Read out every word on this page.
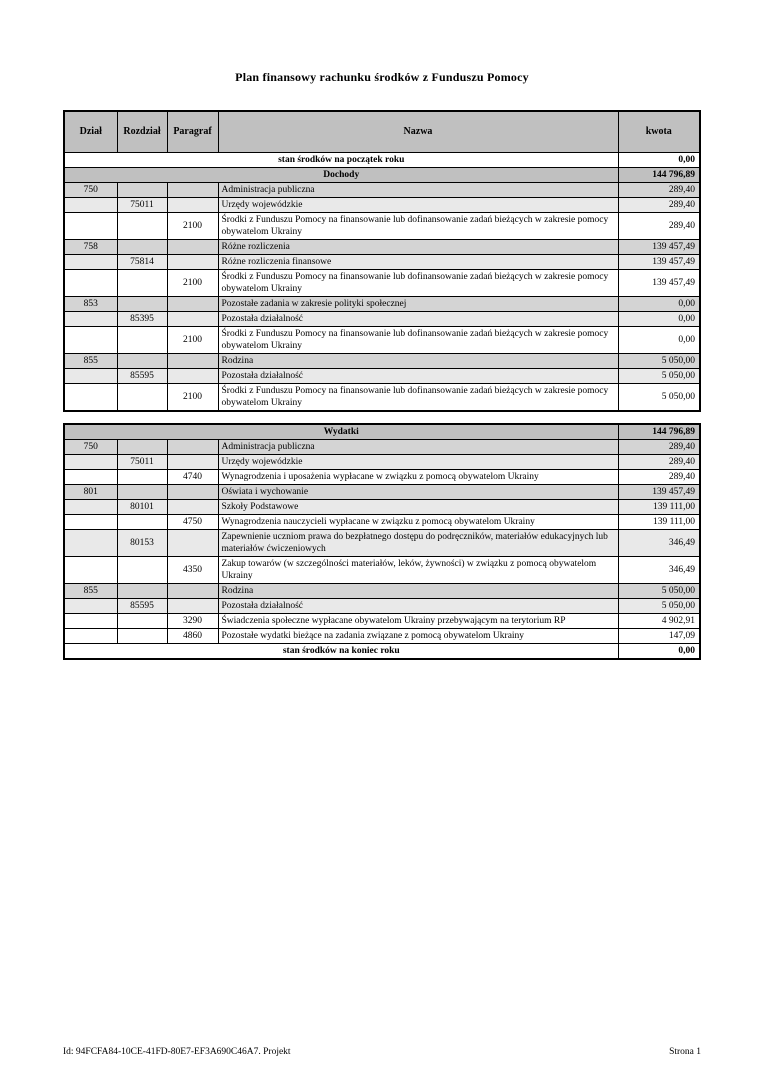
Plan finansowy rachunku środków z Funduszu Pomocy
Dział	Rozdział	Paragraf	Nazwa	kwota
stan środków na początek roku				0,00
Dochody				144 796,89
750			Administracja publiczna	289,40
	75011		Urzędy wojewódzkie	289,40
		2100	Środki z Funduszu Pomocy na finansowanie lub dofinansowanie zadań bieżących w zakresie pomocy obywatelom Ukrainy	289,40
758			Różne rozliczenia	139 457,49
	75814		Różne rozliczenia finansowe	139 457,49
		2100	Środki z Funduszu Pomocy na finansowanie lub dofinansowanie zadań bieżących w zakresie pomocy obywatelom Ukrainy	139 457,49
853			Pozostałe zadania w zakresie polityki społecznej	0,00
	85395		Pozostała działalność	0,00
		2100	Środki z Funduszu Pomocy na finansowanie lub dofinansowanie zadań bieżących w zakresie pomocy obywatelom Ukrainy	0,00
855			Rodzina	5 050,00
	85595		Pozostała działalność	5 050,00
		2100	Środki z Funduszu Pomocy na finansowanie lub dofinansowanie zadań bieżących w zakresie pomocy obywatelom Ukrainy	5 050,00
Wydatki				144 796,89
750			Administracja publiczna	289,40
	75011		Urzędy wojewódzkie	289,40
		4740	Wynagrodzenia i uposażenia wypłacane w związku z pomocą obywatelom Ukrainy	289,40
801			Oświata i wychowanie	139 457,49
	80101		Szkoły Podstawowe	139 111,00
		4750	Wynagrodzenia nauczycieli wypłacane w związku z pomocą obywatelom Ukrainy	139 111,00
	80153		Zapewnienie uczniom prawa do bezpłatnego dostępu do podręczników, materiałów edukacyjnych lub materiałów ćwiczeniowych	346,49
		4350	Zakup towarów (w szczególności materiałów, leków, żywności) w związku z pomocą obywatelom Ukrainy	346,49
855			Rodzina	5 050,00
	85595		Pozostała działalność	5 050,00
		3290	Świadczenia społeczne wypłacane obywatelom Ukrainy przebywającym na terytorium RP	4 902,91
		4860	Pozostałe wydatki bieżące na zadania związane z pomocą obywatelom Ukrainy	147,09
stan środków na koniec roku				0,00
Id: 94FCFA84-10CE-41FD-80E7-EF3A690C46A7. Projekt	Strona 1
